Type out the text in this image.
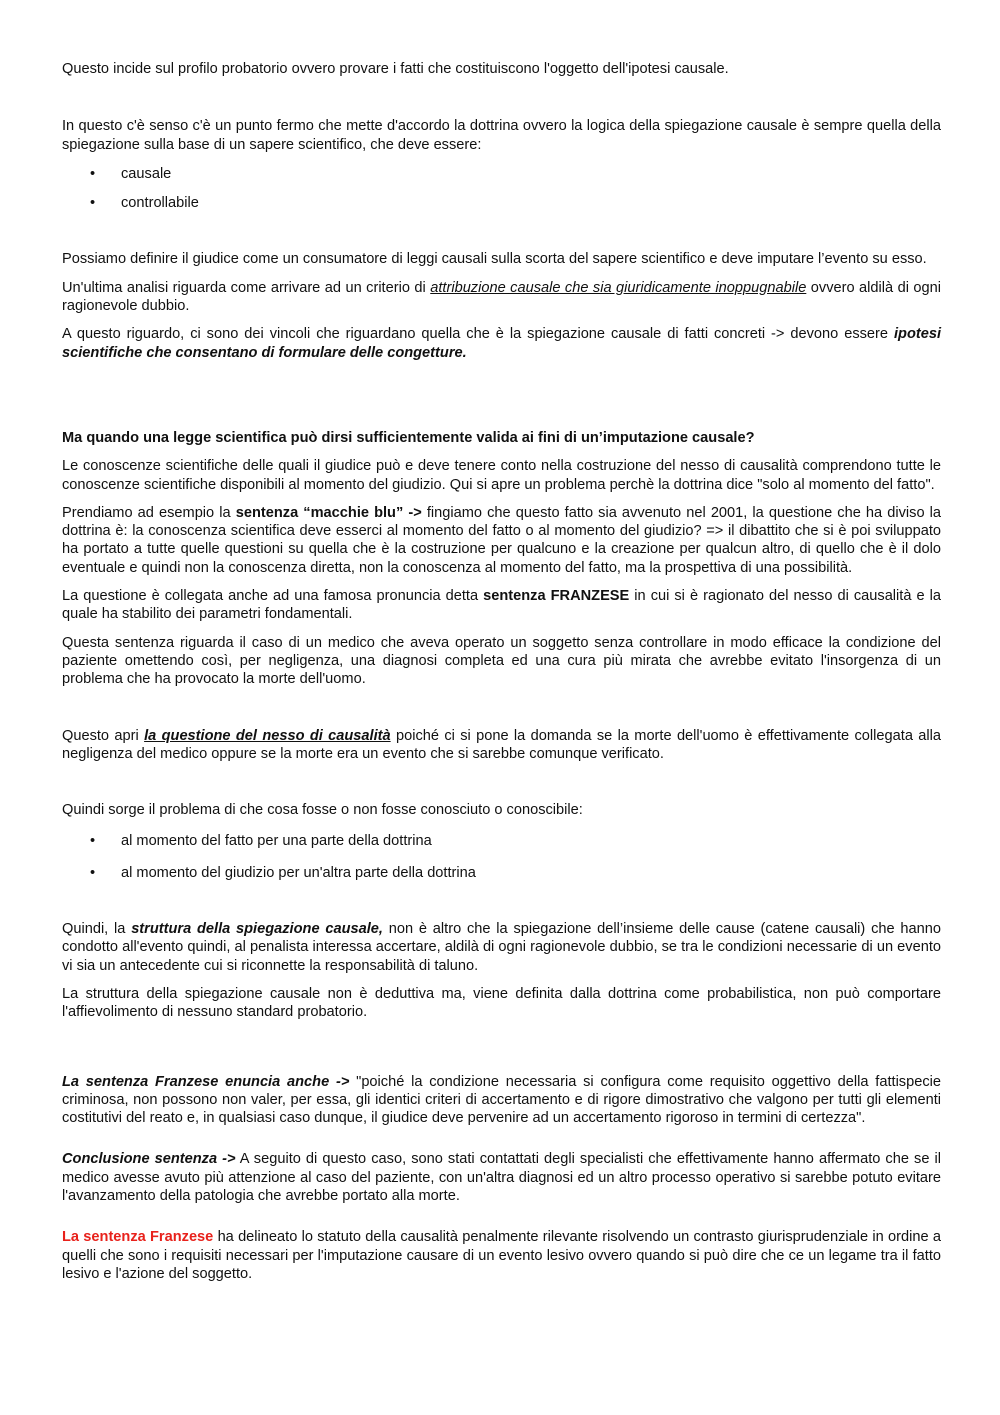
Questo incide sul profilo probatorio ovvero provare i fatti che costituiscono l'oggetto dell'ipotesi causale.

In questo c'è senso c'è un punto fermo che mette d'accordo la dottrina ovvero la logica della spiegazione causale è sempre quella della spiegazione sulla base di un sapere scientifico, che deve essere:

• causale
• controllabile

Possiamo definire il giudice come un consumatore di leggi causali sulla scorta del sapere scientifico e deve imputare l’evento su esso.

Un'ultima analisi riguarda come arrivare ad un criterio di attribuzione causale che sia giuridicamente inoppugnabile ovvero aldilà di ogni ragionevole dubbio.

A questo riguardo, ci sono dei vincoli che riguardano quella che è la spiegazione causale di fatti concreti -> devono essere ipotesi scientifiche che consentano di formulare delle congetture.

Ma quando una legge scientifica può dirsi sufficientemente valida ai fini di un’imputazione causale?

Le conoscenze scientifiche delle quali il giudice può e deve tenere conto nella costruzione del nesso di causalità comprendono tutte le conoscenze scientifiche disponibili al momento del giudizio. Qui si apre un problema perchè la dottrina dice "solo al momento del fatto".

Prendiamo ad esempio la sentenza “macchie blu” -> fingiamo che questo fatto sia avvenuto nel 2001, la questione che ha diviso la dottrina è: la conoscenza scientifica deve esserci al momento del fatto o al momento del giudizio? => il dibattito che si è poi sviluppato ha portato a tutte quelle questioni su quella che è la costruzione per qualcuno e la creazione per qualcun altro, di quello che è il dolo eventuale e quindi non la conoscenza diretta, non la conoscenza al momento del fatto, ma la prospettiva di una possibilità.

La questione è collegata anche ad una famosa pronuncia detta sentenza FRANZESE in cui si è ragionato del nesso di causalità e la quale ha stabilito dei parametri fondamentali.

Questa sentenza riguarda il caso di un medico che aveva operato un soggetto senza controllare in modo efficace la condizione del paziente omettendo così, per negligenza, una diagnosi completa ed una cura più mirata che avrebbe evitato l'insorgenza di un problema che ha provocato la morte dell'uomo.

Questo apri la questione del nesso di causalità poiché ci si pone la domanda se la morte dell'uomo è effettivamente collegata alla negligenza del medico oppure se la morte era un evento che si sarebbe comunque verificato.

Quindi sorge il problema di che cosa fosse o non fosse conosciuto o conoscibile:

• al momento del fatto per una parte della dottrina
• al momento del giudizio per un'altra parte della dottrina

Quindi, la struttura della spiegazione causale, non è altro che la spiegazione dell’insieme delle cause (catene causali) che hanno condotto all'evento quindi, al penalista interessa accertare, aldilà di ogni ragionevole dubbio, se tra le condizioni necessarie di un evento vi sia un antecedente cui si riconnette la responsabilità di taluno.

La struttura della spiegazione causale non è deduttiva ma, viene definita dalla dottrina come probabilistica, non può comportare l'affievolimento di nessuno standard probatorio.

La sentenza Franzese enuncia anche -> "poiché la condizione necessaria si configura come requisito oggettivo della fattispecie criminosa, non possono non valer, per essa, gli identici criteri di accertamento e di rigore dimostrativo che valgono per tutti gli elementi costitutivi del reato e, in qualsiasi caso dunque, il giudice deve pervenire ad un accertamento rigoroso in termini di certezza".

Conclusione sentenza -> A seguito di questo caso, sono stati contattati degli specialisti che effettivamente hanno affermato che se il medico avesse avuto più attenzione al caso del paziente, con un'altra diagnosi ed un altro processo operativo si sarebbe potuto evitare l'avanzamento della patologia che avrebbe portato alla morte.

La sentenza Franzese ha delineato lo statuto della causalità penalmente rilevante risolvendo un contrasto giurisprudenziale in ordine a quelli che sono i requisiti necessari per l'imputazione causare di un evento lesivo ovvero quando si può dire che ce un legame tra il fatto lesivo e l'azione del soggetto.
